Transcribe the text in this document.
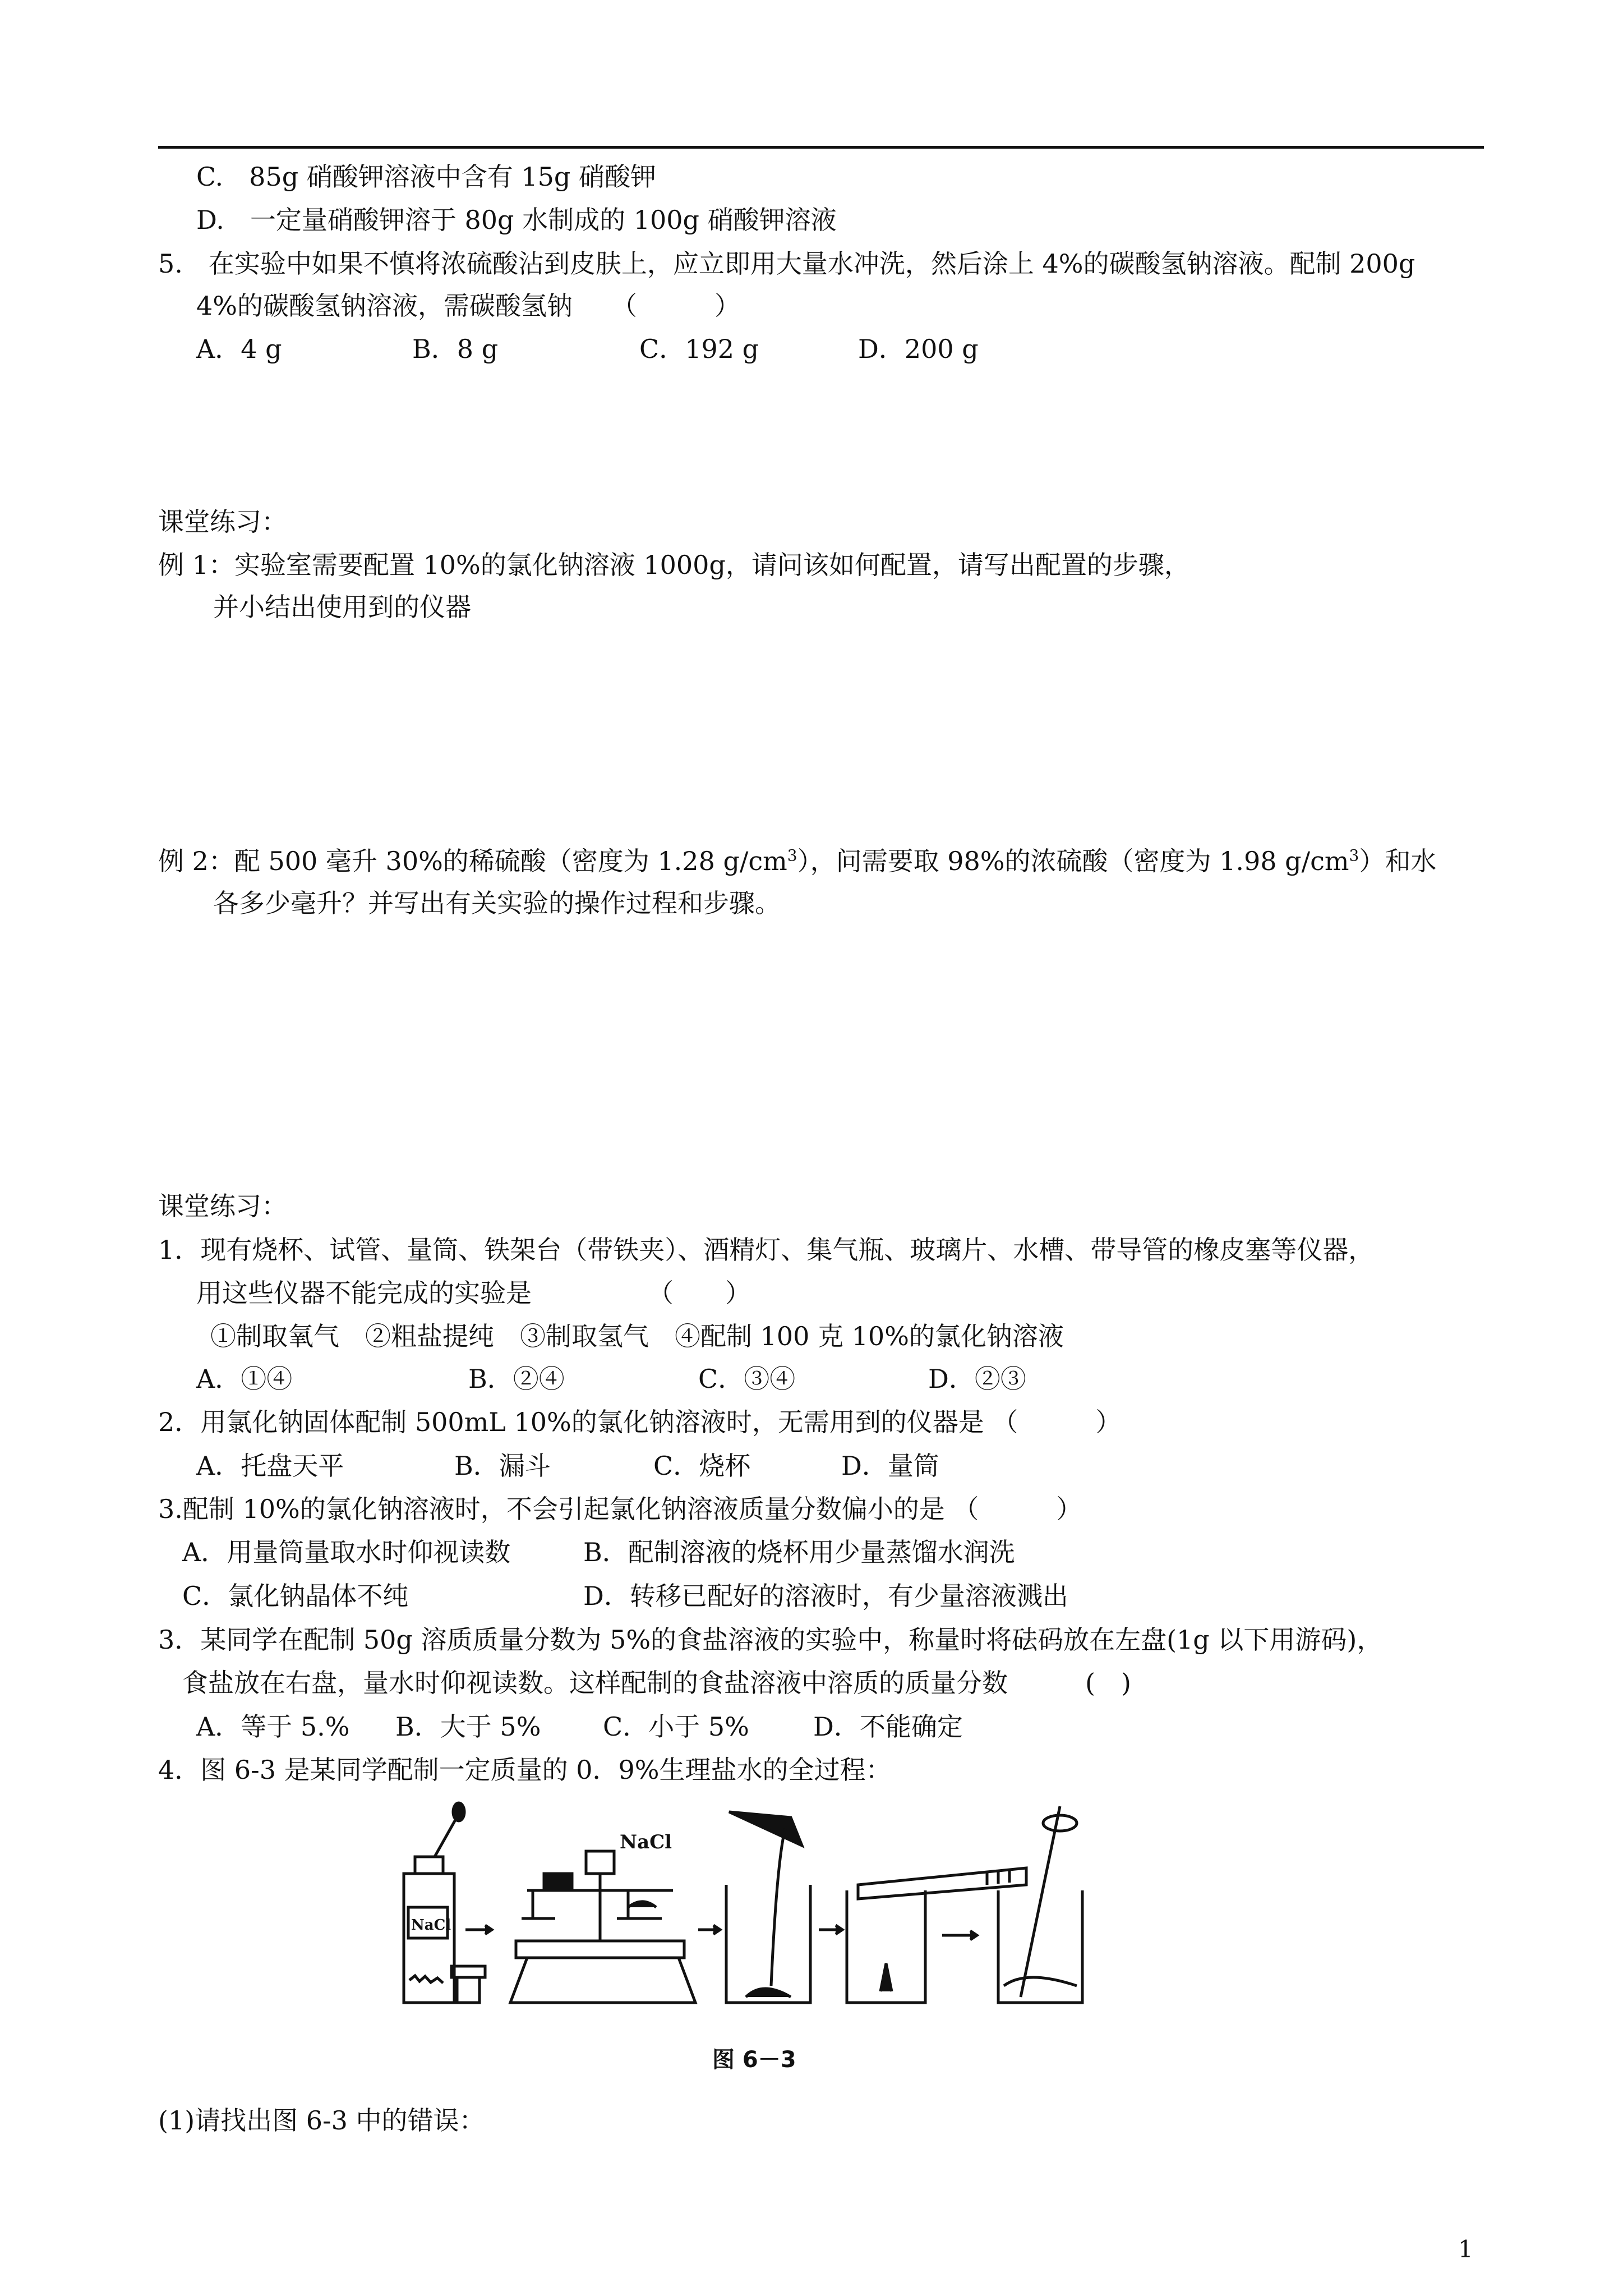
C.　85g 硝酸钾溶液中含有 15g 硝酸钾
D.　一定量硝酸钾溶于 80g 水制成的 100g 硝酸钾溶液
5.　在实验中如果不慎将浓硫酸沾到皮肤上，应立即用大量水冲洗，然后涂上 4%的碳酸氢钠溶液。配制 200g
4%的碳酸氢钠溶液，需碳酸氢钠　　（　　　）
A．4 g	B．8 g	C．192 g	D．200 g
课堂练习：
例 1：实验室需要配置 10%的氯化钠溶液 1000g，请问该如何配置，请写出配置的步骤，
并小结出使用到的仪器
例 2：配 500 毫升 30%的稀硫酸（密度为 1.28 $g/cm^3$），问需要取 98%的浓硫酸（密度为 1.98 $g/cm^3$）和水
各多少毫升？并写出有关实验的操作过程和步骤。
课堂练习：
1．现有烧杯、试管、量筒、铁架台（带铁夹）、酒精灯、集气瓶、玻璃片、水槽、带导管的橡皮塞等仪器，
用这些仪器不能完成的实验是　　　　　（　　）
①制取氧气　②粗盐提纯　③制取氢气　④配制 100 克 10%的氯化钠溶液
A．①④	B．②④	C．③④	D．②③
2．用氯化钠固体配制 500mL 10%的氯化钠溶液时，无需用到的仪器是 （　　　）
A．托盘天平	B．漏斗	C．烧杯	D．量筒
3.配制 10%的氯化钠溶液时，不会引起氯化钠溶液质量分数偏小的是 （　　　）
A．用量筒量取水时仰视读数	B．配制溶液的烧杯用少量蒸馏水润洗
C．氯化钠晶体不纯	D．转移已配好的溶液时，有少量溶液溅出
3．某同学在配制 50g 溶质质量分数为 5%的食盐溶液的实验中，称量时将砝码放在左盘(1g 以下用游码)，
食盐放在右盘，量水时仰视读数。这样配制的食盐溶液中溶质的质量分数　　　(　)
A．等于 5.% B．大于 5% C．小于 5% D．不能确定
4．图 6-3 是某同学配制一定质量的 0．9%生理盐水的全过程：
NaCl
NaCl
图 6－3
(1)请找出图 6-3 中的错误：
1
